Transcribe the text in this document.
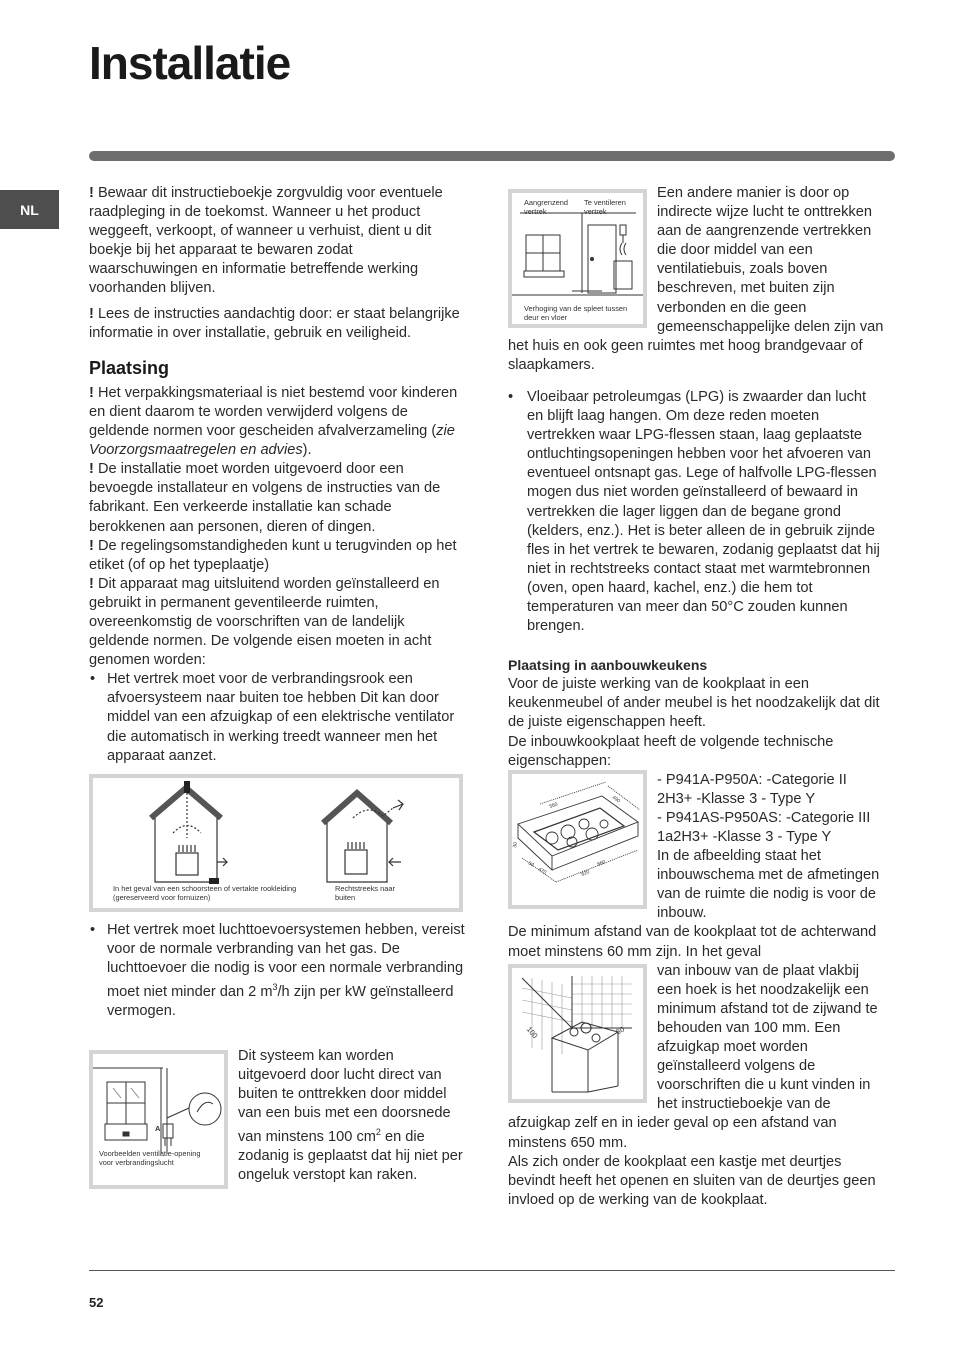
Installatie
NL

! Bewaar dit instructieboekje zorgvuldig voor eventuele raadpleging in de toekomst. Wanneer u het product weggeeft, verkoopt, of wanneer u verhuist, dient u dit boekje bij het apparaat te bewaren zodat waarschuwingen en informatie betreffende werking voorhanden blijven.

! Lees de instructies aandachtig door: er staat belangrijke informatie in over installatie, gebruik en veiligheid.

Plaatsing

! Het verpakkingsmateriaal is niet bestemd voor kinderen en dient daarom te worden verwijderd volgens de geldende normen voor gescheiden afvalverzameling (zie Voorzorgsmaatregelen en advies).

! De installatie moet worden uitgevoerd door een bevoegde installateur en volgens de instructies van de fabrikant. Een verkeerde installatie kan schade berokkenen aan personen, dieren of dingen.

! De regelingsomstandigheden kunt u terugvinden op het etiket (of op het typeplaatje)

! Dit apparaat mag uitsluitend worden geïnstalleerd en gebruikt in permanent geventileerde ruimten, overeenkomstig de voorschriften van de landelijk geldende normen. De volgende eisen moeten in acht genomen worden:

• Het vertrek moet voor de verbrandingsrook een afvoersysteem naar buiten toe hebben Dit kan door middel van een afzuigkap of een elektrische ventilator die automatisch in werking treedt wanneer men het apparaat aanzet.

In het geval van een schoorsteen of vertakte rookleiding (gereserveerd voor fornuizen)
Rechtstreeks naar buiten

• Het vertrek moet luchttoevoersystemen hebben, vereist voor de normale verbranding van het gas. De luchttoevoer die nodig is voor een normale verbranding moet niet minder dan 2 $m^3/h$ zijn per kW geïnstalleerd vermogen.

A
Voorbeelden ventilatie-opening voor verbrandingslucht

Dit systeem kan worden uitgevoerd door lucht direct van buiten te onttrekken door middel van een buis met een doorsnede van minstens 100 $cm^2$ en die zodanig is geplaatst dat hij niet per ongeluk verstopt kan raken.

Aangrenzend vertrek
Te ventileren vertrek
Verhoging van de spleet tussen deur en vloer

Een andere manier is door op indirecte wijze lucht te onttrekken aan de aangrenzende vertrekken die door middel van een ventilatiebuis, zoals boven beschreven, met buiten zijn verbonden en die geen gemeenschappelijke delen zijn van het huis en ook geen ruimtes met hoog brandgevaar of slaapkamers.

• Vloeibaar petroleumgas (LPG) is zwaarder dan lucht en blijft laag hangen. Om deze reden moeten vertrekken waar LPG-flessen staan, laag geplaatste ontluchtingsopeningen hebben voor het afvoeren van eventueel ontsnapt gas. Lege of halfvolle LPG-flessen mogen dus niet worden geïnstalleerd of bewaard in vertrekken die lager liggen dan de begane grond (kelders, enz.). Het is beter alleen de in gebruik zijnde fles in het vertrek te bewaren, zodanig geplaatst dat hij niet in rechtstreeks contact staat met warmtebronnen (oven, open haard, kachel, enz.) die hem tot temperaturen van meer dan 50°C zouden kunnen brengen.

Plaatsing in aanbouwkeukens

Voor de juiste werking van de kookplaat in een keukenmeubel of ander meubel is het noodzakelijk dat dit de juiste eigenschappen heeft.

De inbouwkookplaat heeft de volgende technische eigenschappen:

560
490
860
820
30
50
470

- P941A-P950A: -Categorie II 2H3+ -Klasse 3 - Type Y

- P941AS-P950AS: -Categorie III 1a2H3+ -Klasse 3 - Type Y

In de afbeelding staat het inbouwschema met de afmetingen van de ruimte die nodig is voor de inbouw.

De minimum afstand van de kookplaat tot de achterwand moet minstens 60 mm zijn. In het geval

100	60

van inbouw van de plaat vlakbij een hoek is het noodzakelijk een minimum afstand tot de zijwand te behouden van 100 mm. Een afzuigkap moet worden geïnstalleerd volgens de voorschriften die u kunt vinden in het instructieboekje van de afzuigkap zelf en in ieder geval op een afstand van minstens 650 mm.

Als zich onder de kookplaat een kastje met deurtjes bevindt heeft het openen en sluiten van de deurtjes geen invloed op de werking van de kookplaat.

52
